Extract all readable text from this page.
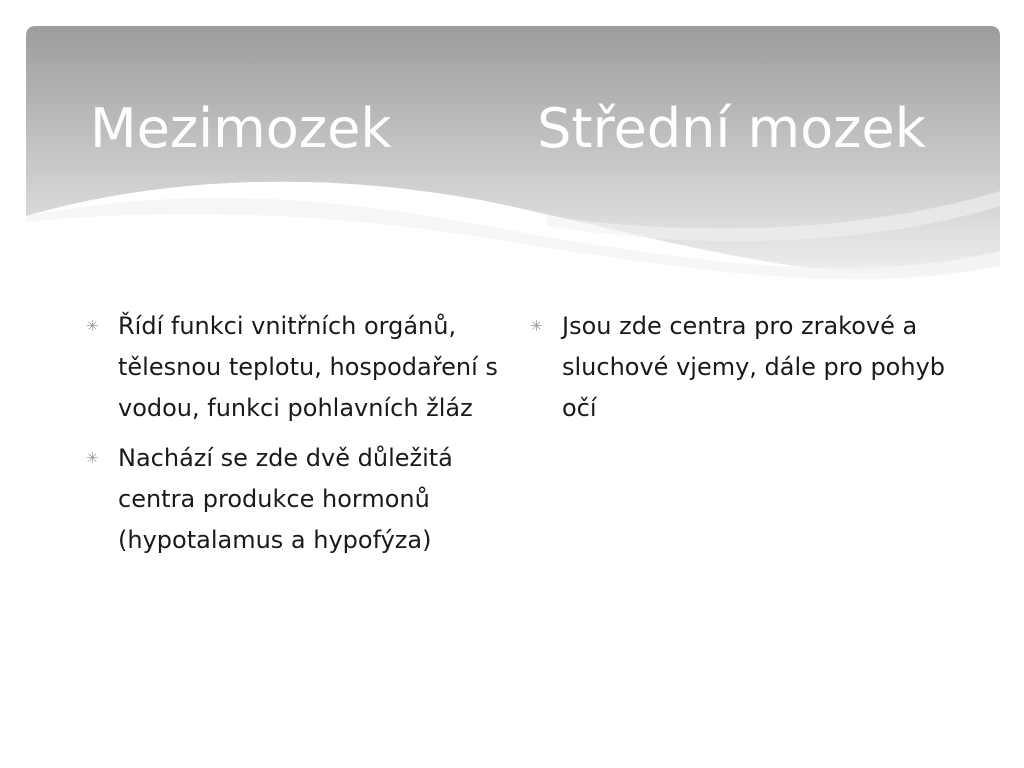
Mezimozek	Střední mozek
✳ Řídí funkci vnitřních orgánů, tělesnou teplotu, hospodaření s vodou, funkci pohlavních žláz
✳ Nachází se zde dvě důležitá centra produkce hormonů (hypotalamus a hypofýza)
✳ Jsou zde centra pro zrakové a sluchové vjemy, dále pro pohyb očí
